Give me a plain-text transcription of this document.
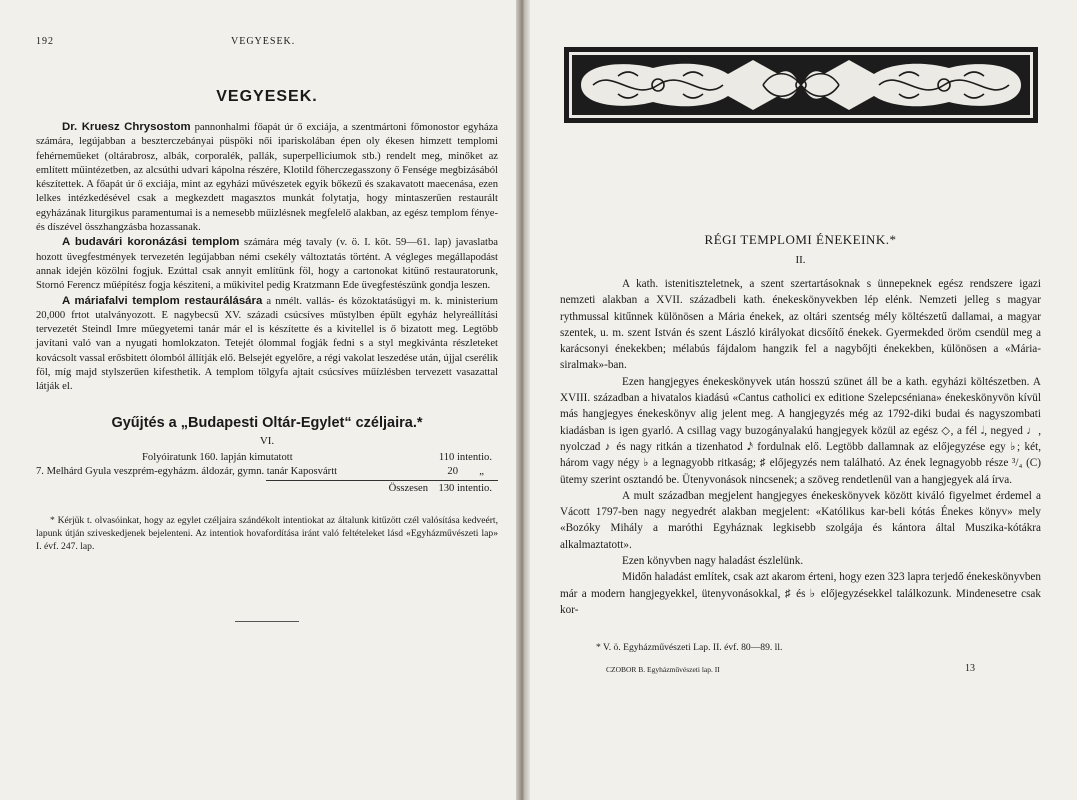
192	VEGYESEK.
VEGYESEK.

Dr. Kruesz Chrysostom pannonhalmi főapát úr ő exciája, a szentmártoni főmonostor egyháza számára, legújabban a beszterczebányai püspöki női ipariskolában épen oly ékesen himzett templomi fehérneműeket (oltárabrosz, albák, corporalék, pallák, superpelliciumok stb.) rendelt meg, minőket az említett műintézetben, az alcsúthi udvari kápolna részére, Klotild főherczegasszony ő Fensége megbizásából készítettek. A főapát úr ő exciája, mint az egyházi művészetek egyik bőkezű és szakavatott maecenása, ezen lelkes intézkedésével csak a megkezdett magasztos munkát folytatja, hogy mintaszerűen restaurált egyházának liturgikus paramentumai is a nemesebb műizlésnek megfelelő alakban, az egész templom fénye- és díszével összhangzásba hozassanak.

A budavári koronázási templom számára még tavaly (v. ö. I. köt. 59—61. lap) javaslatba hozott üvegfestmények tervezetén legújabban némi csekély változtatás történt. A végleges megállapodást annak idején közölni fogjuk. Ezúttal csak annyit említünk föl, hogy a cartonokat kitünő restauratorunk, Stornó Ferencz műépítész fogja késziteni, a műkivitel pedig Kratzmann Ede üvegfestészünk gondja leszen.

A máriafalvi templom restaurálására a nmélt. vallás- és közoktatásügyi m. k. ministerium 20,000 frtot utalványozott. E nagybecsű XV. századi csúcsíves műstylben épült egyház helyreállítási tervezetét Steindl Imre műegyetemi tanár már el is készítette és a kivitellel is ő bizatott meg. Legtöbb javítani való van a nyugati homlokzaton. Tetejét ólommal fogják fedni s a styl megkivánta részleteket kovácsolt vassal erősbitett ólomból állítják elő. Belsejét egyelőre, a régi vakolat leszedése után, újjal cserélik föl, míg majd stylszerűen kifesthetik. A templom tölgyfa ajtait csúcsíves műízlésben tervezett vasazattal látják el.

Gyűjtés a „Budapesti Oltár-Egylet“ czéljaira.*
VI.
Folyóiratunk 160. lapján kimutatott	110 intentio.
7. Melhárd Gyula veszprém-egyházm. áldozár, gymn. tanár Kaposvártt	20 „
Összesen 130 intentio.

* Kérjük t. olvasóinkat, hogy az egylet czéljaira szándékolt intentiokat az általunk kitűzött czél valósítása kedveért, lapunk útján sziveskedjenek bejelenteni. Az intentiok hovafordítása iránt való feltételeket lásd «Egyházművészeti lap» I. évf. 247. lap.

RÉGI TEMPLOMI ÉNEKEINK.*
II.

A kath. istenitiszteletnek, a szent szertartásoknak s ünnepeknek egész rendszere igazi nemzeti alakban a XVII. századbeli kath. énekeskönyvekben lép elénk. Nemzeti jelleg s magyar rythmussal kitűnnek különösen a Mária énekek, az oltári szentség mély költészetű dallamai, a magyar szentek, u. m. szent István és szent László királyokat dicsőítő énekek. Gyermekded öröm csendül meg a karácsonyi énekekben; mélabús fájdalom hangzik fel a nagybőjti énekekben, különösen a «Mária-siralmak»-ban.

Ezen hangjegyes énekeskönyvek után hosszú szünet áll be a kath. egyházi költészetben. A XVIII. században a hivatalos kiadású «Cantus catholici ex editione Szelepcséniana» énekeskönyvön kívül más hangjegyes énekeskönyv alig jelent meg. A hangjegyzés még az 1792-diki budai és nagyszombati kiadásban is igen gyarló. A csillag vagy buzogányalakú hangjegyek közül az egész ◇, a fél 𝅗𝅥, negyed ♩, nyolczad ♪ és nagy ritkán a tizenhatod 𝅘𝅥𝅯 fordulnak elő. Legtöbb dallamnak az előjegyzése egy ♭; két, három vagy négy ♭ a legnagyobb ritkaság; ♯ előjegyzés nem található. Az ének legnagyobb része ³/₄ (C) ütemy szerint osztandó be. Ütenyvonások nincsenek; a szöveg rendetlenül van a hangjegyek alá írva.

A mult században megjelent hangjegyes énekeskönyvek között kiváló figyelmet érdemel a Vácott 1797-ben nagy negyedrét alakban megjelent: «Katólikus kar-beli kótás Énekes könyv» mely «Bozóky Mihály a maróthi Egyháznak legkisebb szolgája és kántora által Muszika-kótákra alkalmaztatott».

Ezen könyvben nagy haladást észlelünk.

Midőn haladást említek, csak azt akarom érteni, hogy ezen 323 lapra terjedő énekeskönyvben már a modern hangjegyekkel, ütenyvonásokkal, ♯ és ♭ előjegyzésekkel találkozunk. Mindenesetre csak kor-

* V. ö. Egyházművészeti Lap. II. évf. 80—89. ll.
CZOBOR B. Egyházművészeti lap. II	13
